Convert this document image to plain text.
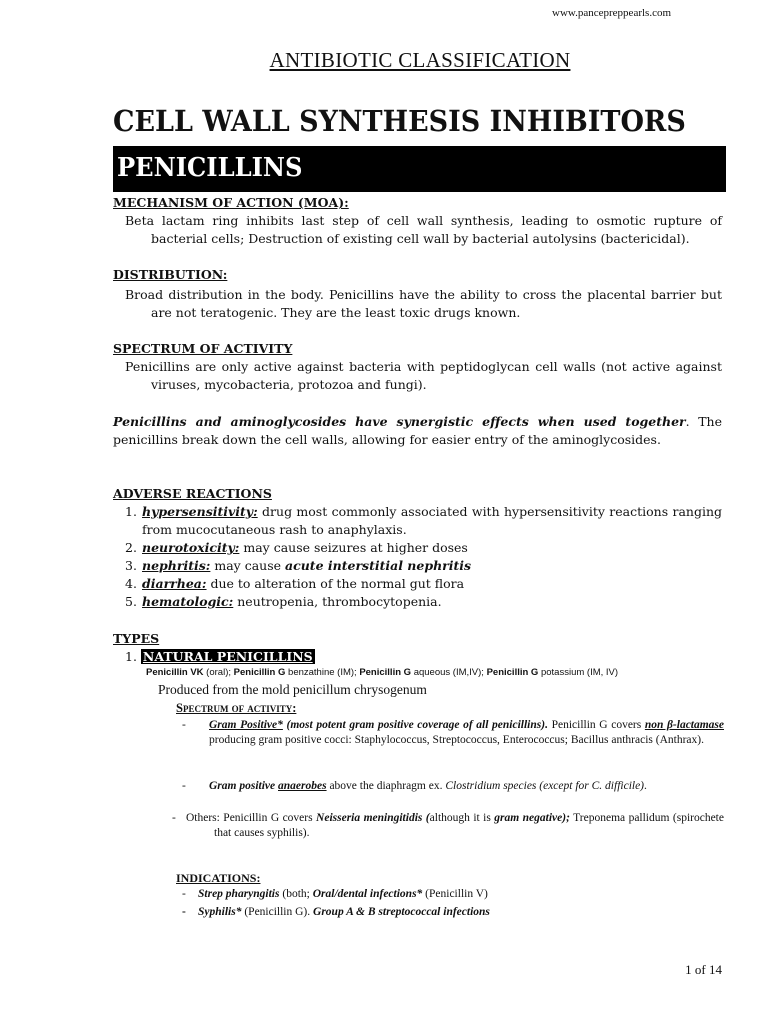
www.pancepreppearls.com
ANTIBIOTIC CLASSIFICATION
CELL WALL SYNTHESIS INHIBITORS
PENICILLINS
MECHANISM OF ACTION (MOA):
Beta lactam ring inhibits last step of cell wall synthesis, leading to osmotic rupture of bacterial cells; Destruction of existing cell wall by bacterial autolysins (bactericidal).
DISTRIBUTION:
Broad distribution in the body. Penicillins have the ability to cross the placental barrier but are not teratogenic. They are the least toxic drugs known.
SPECTRUM OF ACTIVITY
Penicillins are only active against bacteria with peptidoglycan cell walls (not active against viruses, mycobacteria, protozoa and fungi).
Penicillins and aminoglycosides have synergistic effects when used together. The penicillins break down the cell walls, allowing for easier entry of the aminoglycosides.
ADVERSE REACTIONS
1. hypersensitivity: drug most commonly associated with hypersensitivity reactions ranging from mucocutaneous rash to anaphylaxis.
2. neurotoxicity: may cause seizures at higher doses
3. nephritis: may cause acute interstitial nephritis
4. diarrhea: due to alteration of the normal gut flora
5. hematologic: neutropenia, thrombocytopenia.
TYPES
1. NATURAL PENICILLINS
Penicillin VK (oral); Penicillin G benzathine (IM); Penicillin G aqueous (IM,IV); Penicillin G potassium (IM, IV)
Produced from the mold penicillum chrysogenum
Spectrum of activity:
- Gram Positive* (most potent gram positive coverage of all penicillins). Penicillin G covers non β-lactamase producing gram positive cocci: Staphylococcus, Streptococcus, Enterococcus; Bacillus anthracis (Anthrax).
- Gram positive anaerobes above the diaphragm ex. Clostridium species (except for C. difficile).
- Others: Penicillin G covers Neisseria meningitidis (although it is gram negative); Treponema pallidum (spirochete that causes syphilis).
INDICATIONS:
- Strep pharyngitis (both; Oral/dental infections* (Penicillin V)
- Syphilis* (Penicillin G). Group A & B streptococcal infections
1 of 14
